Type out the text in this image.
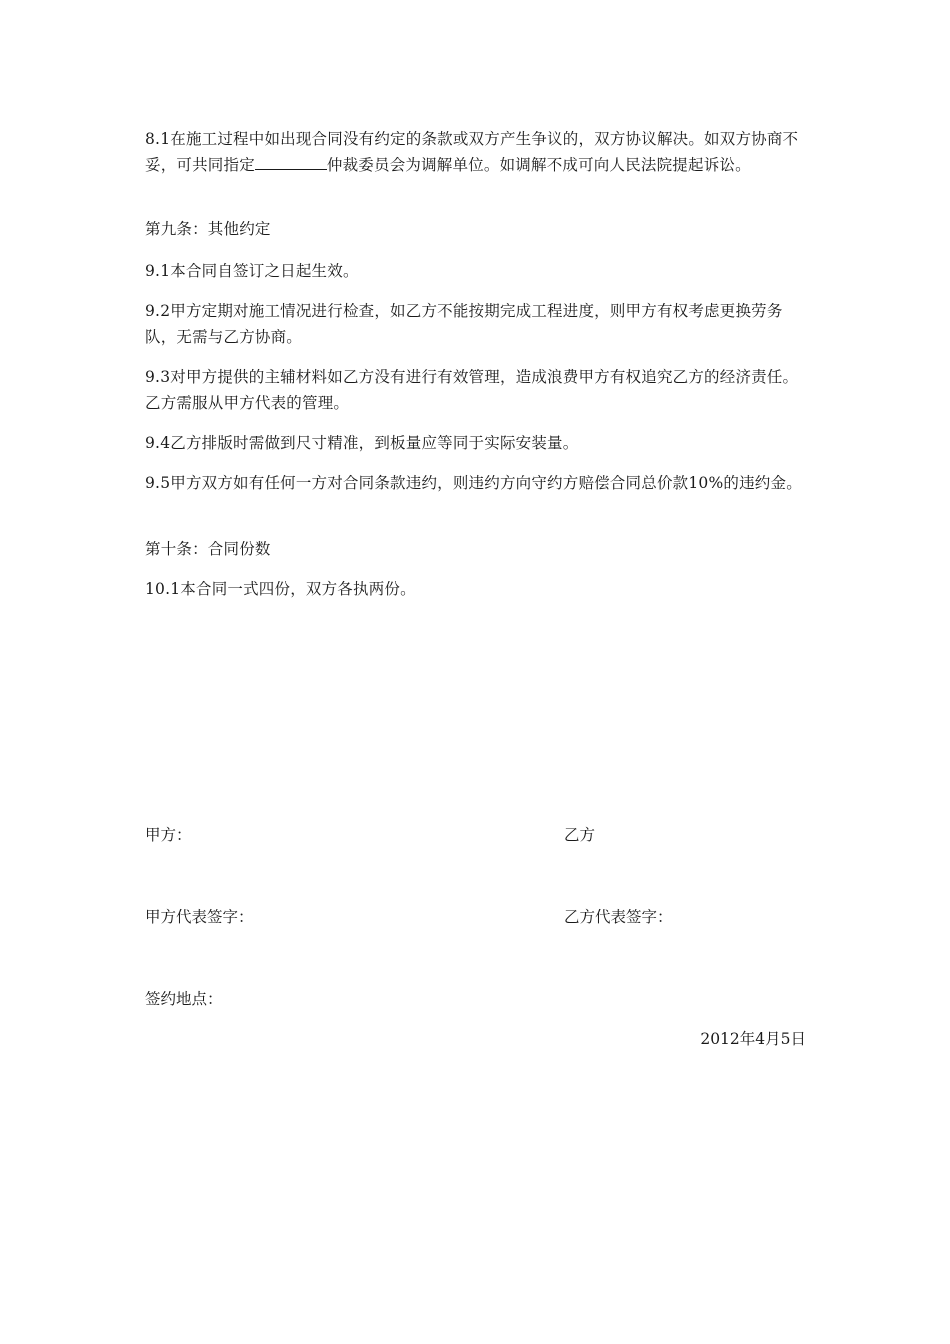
8.1在施工过程中如出现合同没有约定的条款或双方产生争议的，双方协议解决。如双方协商不妥，可共同指定	仲裁委员会为调解单位。如调解不成可向人民法院提起诉讼。

第九条：其他约定

9.1本合同自签订之日起生效。

9.2甲方定期对施工情况进行检查，如乙方不能按期完成工程进度，则甲方有权考虑更换劳务队，无需与乙方协商。

9.3对甲方提供的主辅材料如乙方没有进行有效管理，造成浪费甲方有权追究乙方的经济责任。乙方需服从甲方代表的管理。

9.4乙方排版时需做到尺寸精准，到板量应等同于实际安装量。

9.5甲方双方如有任何一方对合同条款违约，则违约方向守约方赔偿合同总价款10%的违约金。

第十条：合同份数

10.1本合同一式四份，双方各执两份。

甲方：	乙方

甲方代表签字：	乙方代表签字：

签约地点：

2012年4月5日
